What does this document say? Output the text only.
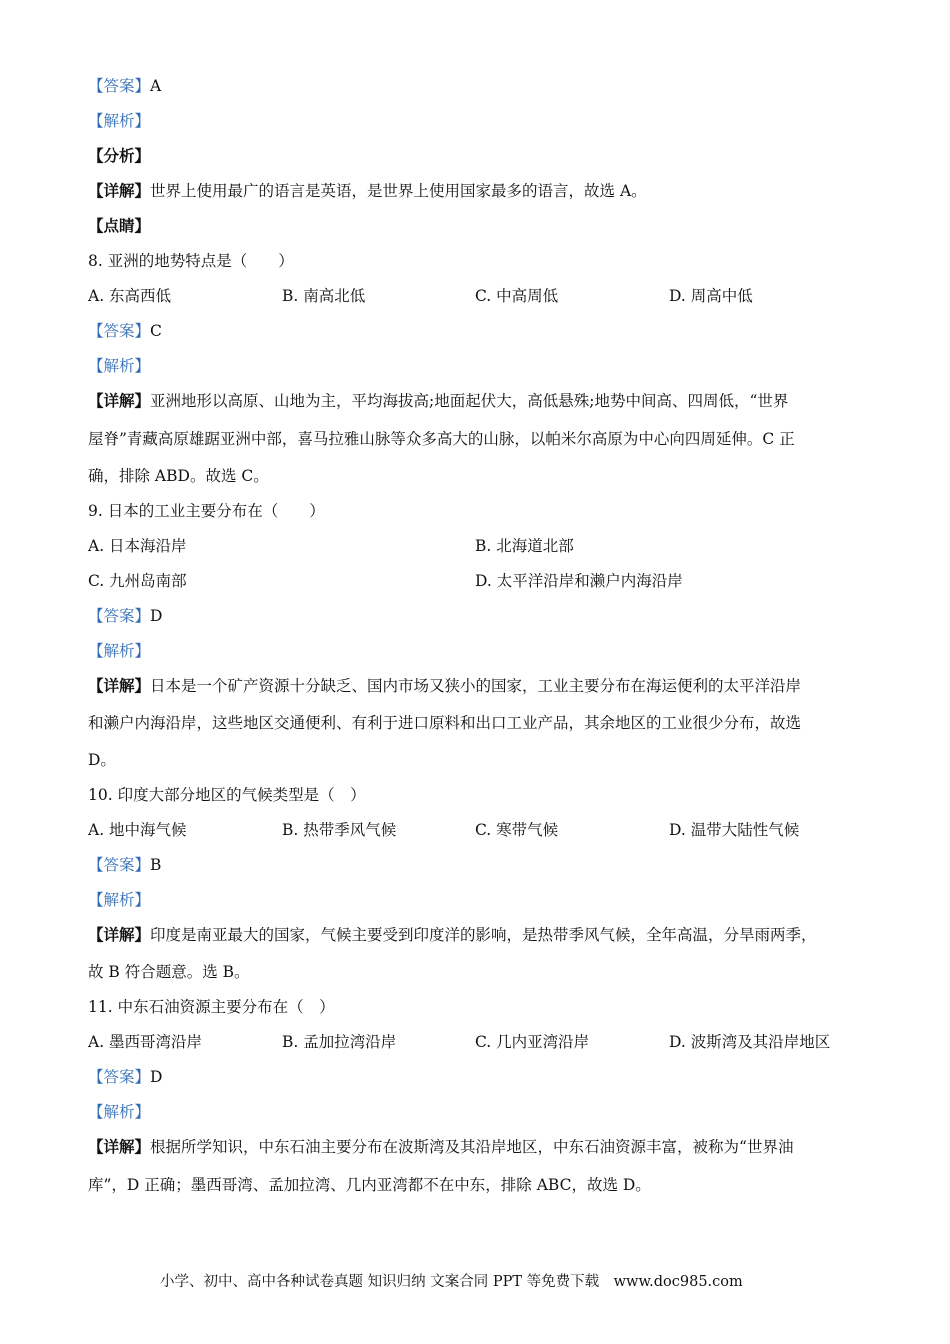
【答案】A
【解析】
【分析】
【详解】世界上使用最广的语言是英语，是世界上使用国家最多的语言，故选 A。
【点睛】
8. 亚洲的地势特点是（　　）
A. 东高西低	B. 南高北低	C. 中高周低	D. 周高中低
【答案】C
【解析】
【详解】亚洲地形以高原、山地为主，平均海拔高;地面起伏大，高低悬殊;地势中间高、四周低，“世界
屋脊”青藏高原雄踞亚洲中部，喜马拉雅山脉等众多高大的山脉，以帕米尔高原为中心向四周延伸。C 正
确，排除 ABD。故选 C。
9. 日本的工业主要分布在（　　）
A. 日本海沿岸	B. 北海道北部
C. 九州岛南部	D. 太平洋沿岸和濑户内海沿岸
【答案】D
【解析】
【详解】日本是一个矿产资源十分缺乏、国内市场又狭小的国家，工业主要分布在海运便利的太平洋沿岸
和濑户内海沿岸，这些地区交通便利、有利于进口原料和出口工业产品，其余地区的工业很少分布，故选
D。
10. 印度大部分地区的气候类型是（　）
A. 地中海气候	B. 热带季风气候	C. 寒带气候	D. 温带大陆性气候
【答案】B
【解析】
【详解】印度是南亚最大的国家，气候主要受到印度洋的影响，是热带季风气候，全年高温，分旱雨两季，
故 B 符合题意。选 B。
11. 中东石油资源主要分布在（　）
A. 墨西哥湾沿岸	B. 孟加拉湾沿岸	C. 几内亚湾沿岸	D. 波斯湾及其沿岸地区
【答案】D
【解析】
【详解】根据所学知识，中东石油主要分布在波斯湾及其沿岸地区，中东石油资源丰富，被称为“世界油
库”，D 正确；墨西哥湾、孟加拉湾、几内亚湾都不在中东，排除 ABC，故选 D。
小学、初中、高中各种试卷真题 知识归纳 文案合同 PPT 等免费下载　 www.doc985.com
